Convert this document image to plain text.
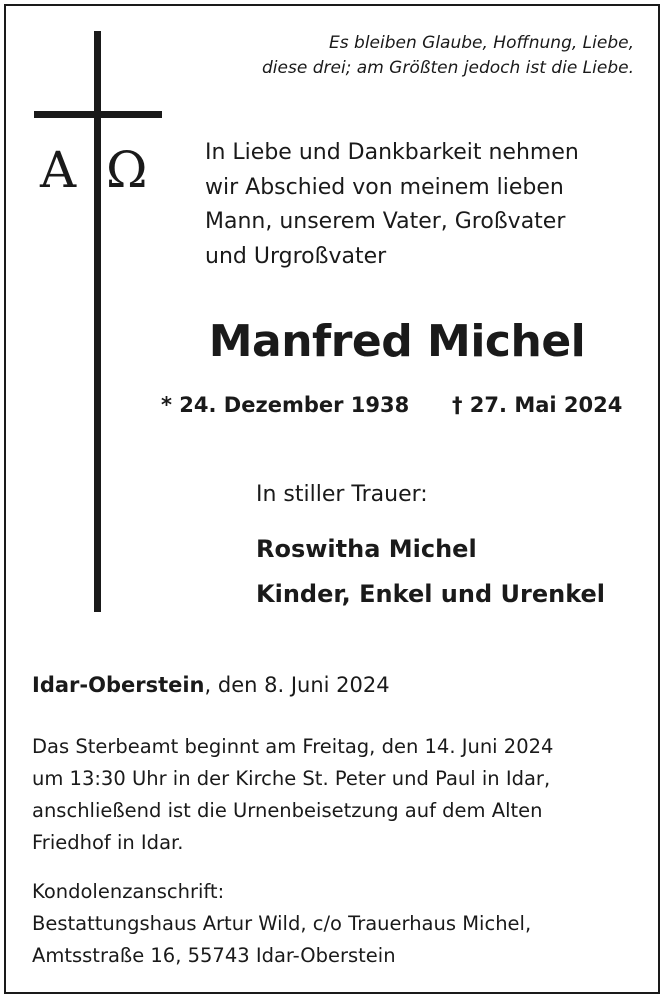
Es bleiben Glaube, Hoffnung, Liebe,
diese drei; am Größten jedoch ist die Liebe.
A Ω	In Liebe und Dankbarkeit nehmen
wir Abschied von meinem lieben
Mann, unserem Vater, Großvater
und Urgroßvater
Manfred Michel
* 24. Dezember 1938 † 27. Mai 2024
In stiller Trauer:
Roswitha Michel
Kinder, Enkel und Urenkel
Idar-Oberstein, den 8. Juni 2024
Das Sterbeamt beginnt am Freitag, den 14. Juni 2024
um 13:30 Uhr in der Kirche St. Peter und Paul in Idar,
anschließend ist die Urnenbeisetzung auf dem Alten
Friedhof in Idar.
Kondolenzanschrift:
Bestattungshaus Artur Wild, c/o Trauerhaus Michel,
Amtsstraße 16, 55743 Idar-Oberstein
